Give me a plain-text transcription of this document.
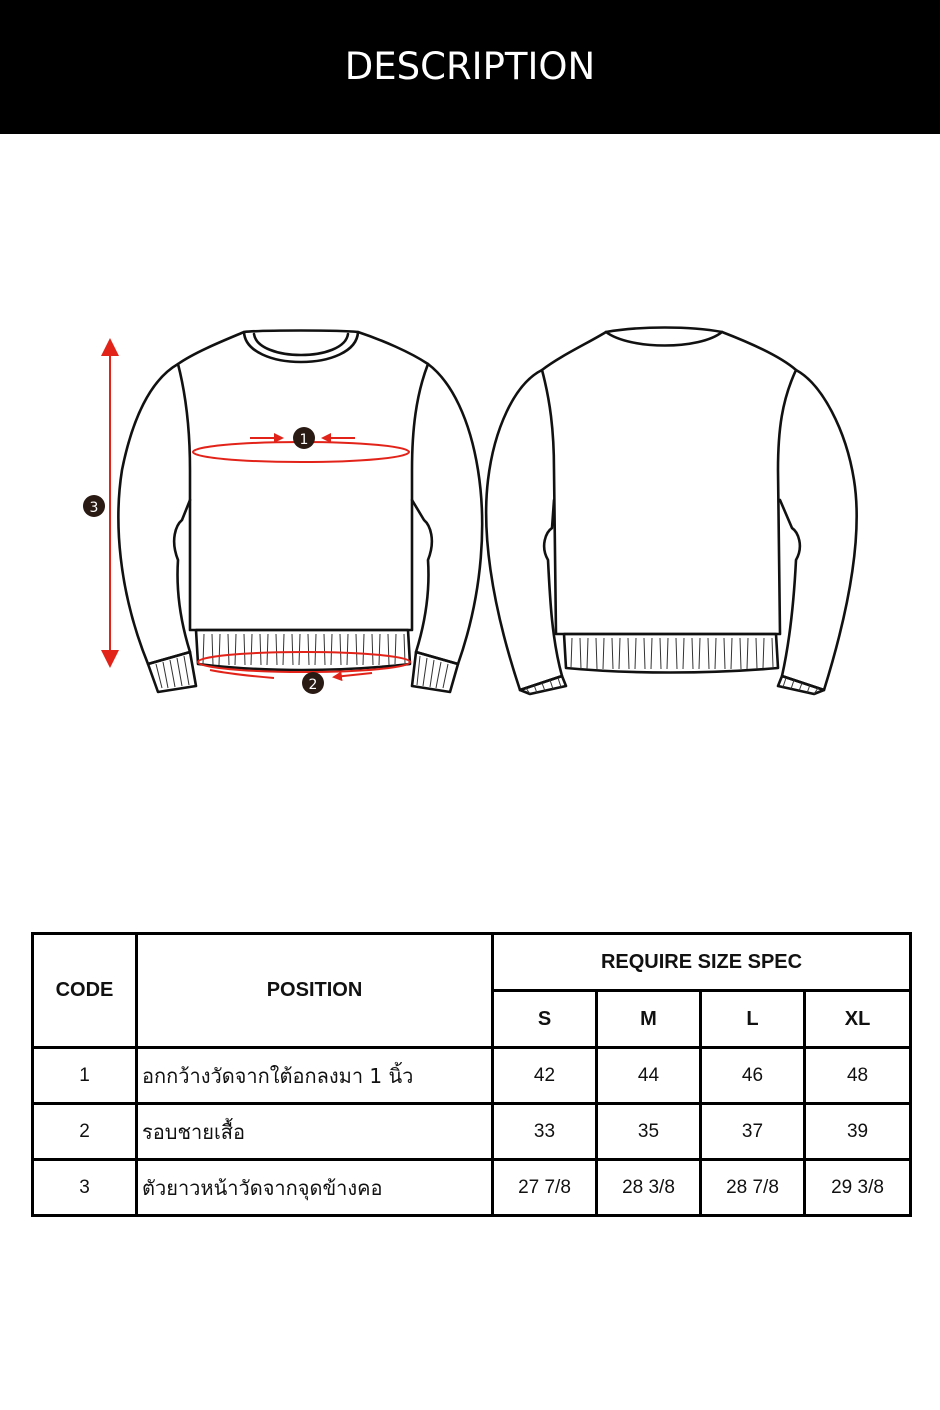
DESCRIPTION
1
2
3
CODE	POSITION	REQUIRE SIZE SPEC			
		S	M	L	XL
1	อกกว้างวัดจากใต้อกลงมา 1 นิ้ว	42	44	46	48
2	รอบชายเสื้อ	33	35	37	39
3	ตัวยาวหน้าวัดจากจุดข้างคอ	27 7/8	28 3/8	28 7/8	29 3/8
